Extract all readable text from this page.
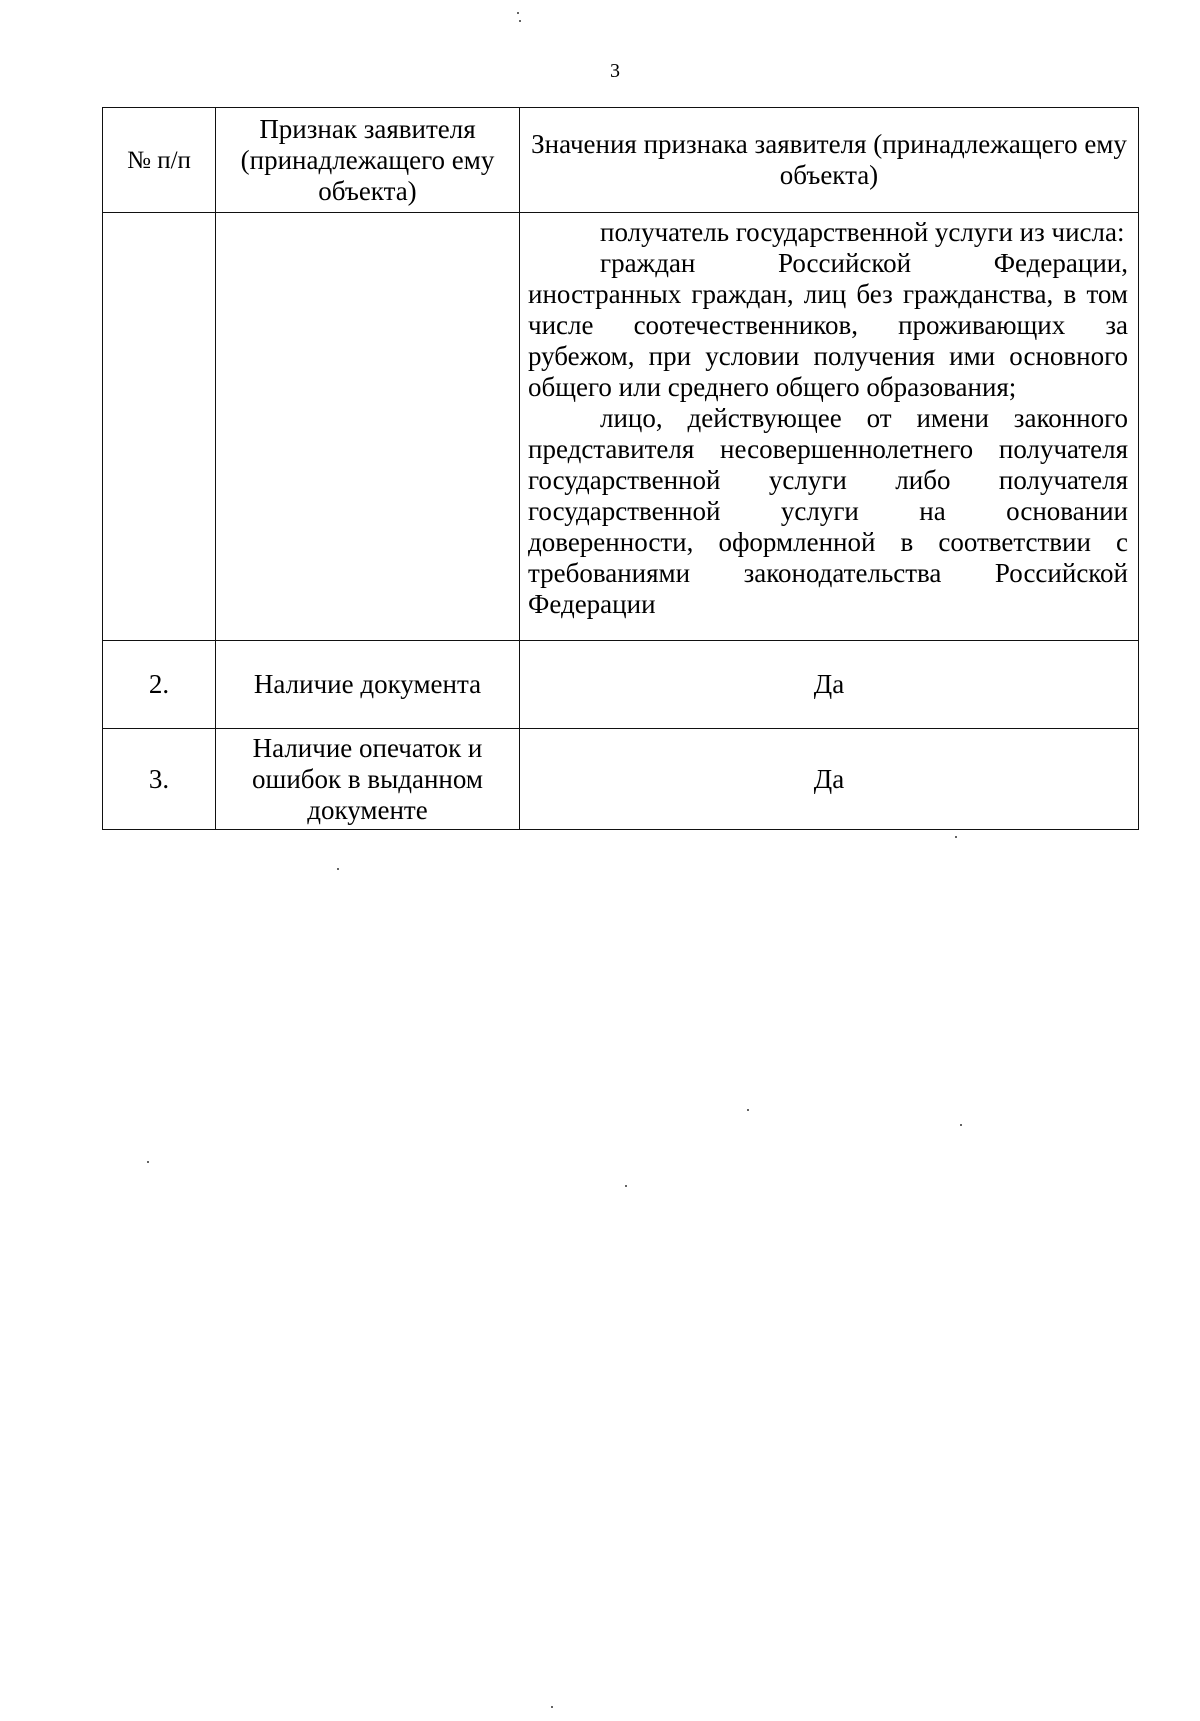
3
№ п/п	Признак заявителя (принадлежащего ему объекта)	Значения признака заявителя (принадлежащего ему объекта)

		получатель государственной услуги из числа:

граждан Российской Федерации, иностранных граждан, лиц без гражданства, в том числе соотечественников, проживающих за рубежом, при условии получения ими основного общего или среднего общего образования;

лицо, действующее от имени законного представителя несовершеннолетнего получателя государственной услуги либо получателя государственной услуги на основании доверенности, оформленной в соответствии с требованиями законодательства Российской Федерации

2.	Наличие документа	Да
3.	Наличие опечаток и ошибок в выданном документе	Да
